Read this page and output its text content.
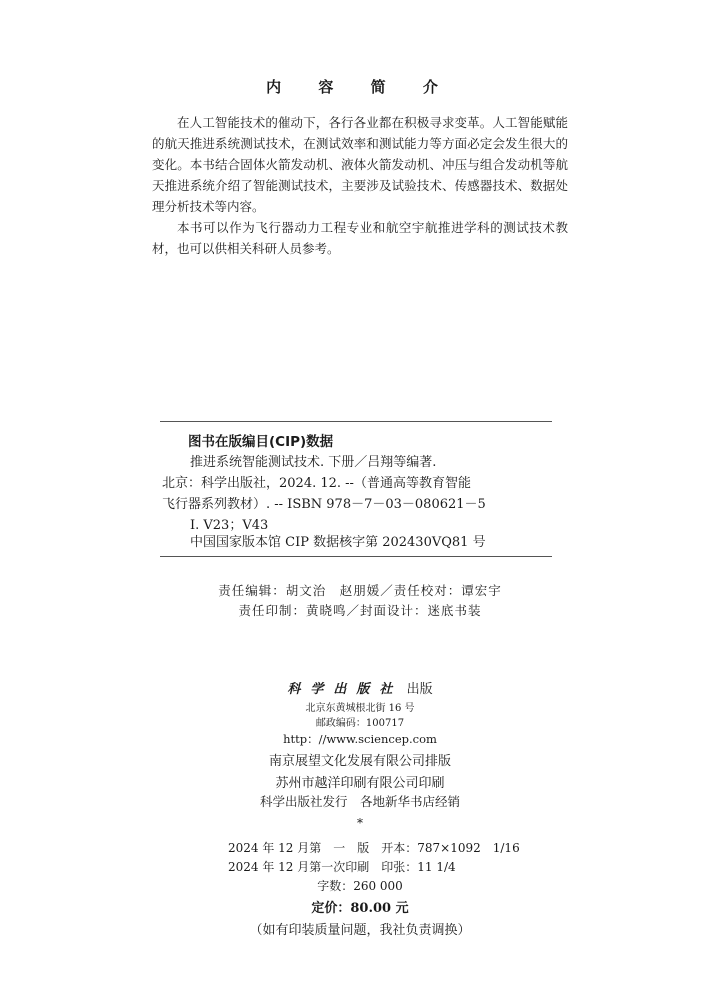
内 容 简 介

在人工智能技术的催动下，各行各业都在积极寻求变革。人工智能赋能的航天推进系统测试技术，在测试效率和测试能力等方面必定会发生很大的变化。本书结合固体火箭发动机、液体火箭发动机、冲压与组合发动机等航天推进系统介绍了智能测试技术，主要涉及试验技术、传感器技术、数据处理分析技术等内容。

本书可以作为飞行器动力工程专业和航空宇航推进学科的测试技术教材，也可以供相关科研人员参考。

图书在版编目(CIP)数据
推进系统智能测试技术. 下册／吕翔等编著.
北京：科学出版社，2024. 12. --（普通高等教育智能
飞行器系列教材）. -- ISBN 978－7－03－080621－5
Ⅰ. V23；V43
中国国家版本馆 CIP 数据核字第 202430VQ81 号
责任编辑：胡文治　赵朋媛／责任校对：谭宏宇
责任印制：黄晓鸣／封面设计：迷底书装
科学出版社 出版
北京东黄城根北街 16 号
邮政编码：100717
http：//www.sciencep.com
南京展望文化发展有限公司排版
苏州市越洋印刷有限公司印刷
科学出版社发行　各地新华书店经销
*
2024 年 12 月第　一　版　开本：787×1092　1/16
2024 年 12 月第一次印刷　印张：11 1/4
字数：260 000
定价：80.00 元
（如有印装质量问题，我社负责调换）
